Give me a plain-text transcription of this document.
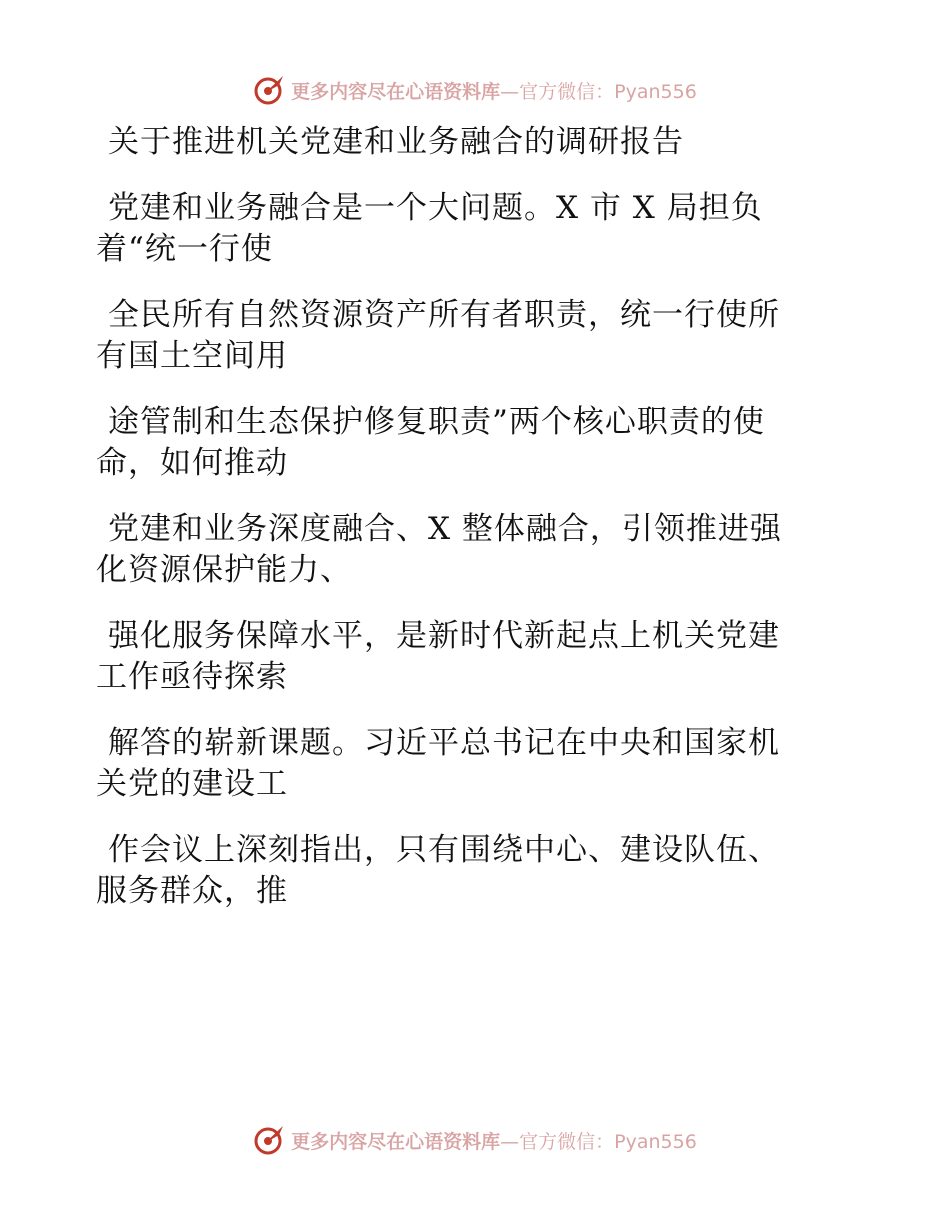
更多内容尽在心语资料库 —官方微信：Pyan556
关于推进机关党建和业务融合的调研报告
党建和业务融合是一个大问题。X 市 X 局担负
着“统一行使
全民所有自然资源资产所有者职责，统一行使所
有国土空间用
途管制和生态保护修复职责”两个核心职责的使
命，如何推动
党建和业务深度融合、X 整体融合，引领推进强
化资源保护能力、
强化服务保障水平，是新时代新起点上机关党建
工作亟待探索
解答的崭新课题。习近平总书记在中央和国家机
关党的建设工
作会议上深刻指出，只有围绕中心、建设队伍、
服务群众，推
更多内容尽在心语资料库 —官方微信：Pyan556
